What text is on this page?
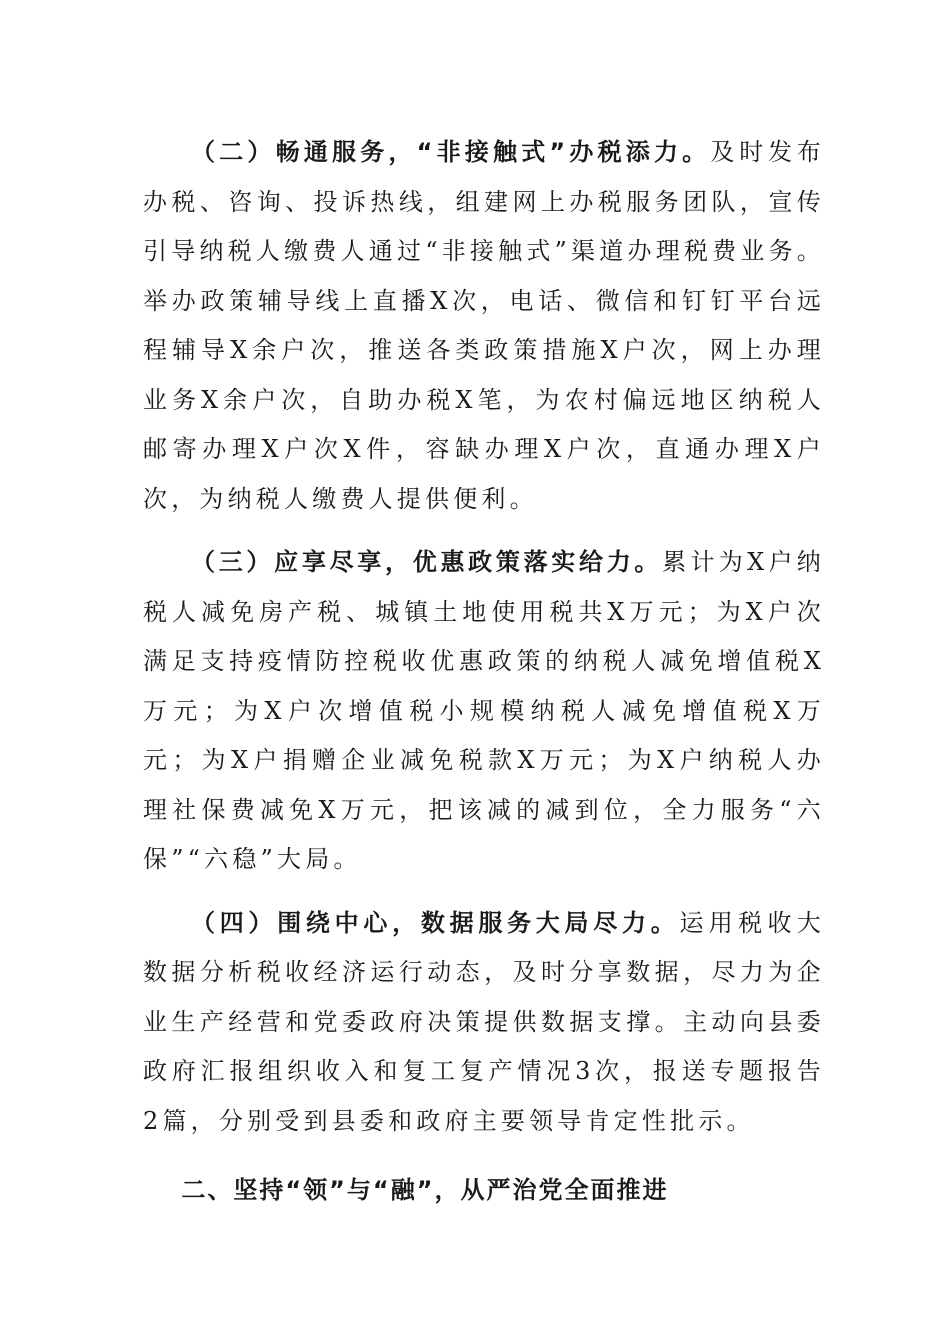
（二）畅通服务，“非接触式”办税添力。及时发布办税、咨询、投诉热线，组建网上办税服务团队，宣传引导纳税人缴费人通过“非接触式”渠道办理税费业务。举办政策辅导线上直播X次，电话、微信和钉钉平台远程辅导X余户次，推送各类政策措施X户次，网上办理业务X余户次，自助办税X笔，为农村偏远地区纳税人邮寄办理X户次X件，容缺办理X户次，直通办理X户次，为纳税人缴费人提供便利。

（三）应享尽享，优惠政策落实给力。累计为X户纳税人减免房产税、城镇土地使用税共X万元；为X户次满足支持疫情防控税收优惠政策的纳税人减免增值税X万元；为X户次增值税小规模纳税人减免增值税X万元；为X户捐赠企业减免税款X万元；为X户纳税人办理社保费减免X万元，把该减的减到位，全力服务“六保”“六稳”大局。

（四）围绕中心，数据服务大局尽力。运用税收大数据分析税收经济运行动态，及时分享数据，尽力为企业生产经营和党委政府决策提供数据支撑。主动向县委政府汇报组织收入和复工复产情况3次，报送专题报告2篇，分别受到县委和政府主要领导肯定性批示。

二、坚持“领”与“融”，从严治党全面推进
